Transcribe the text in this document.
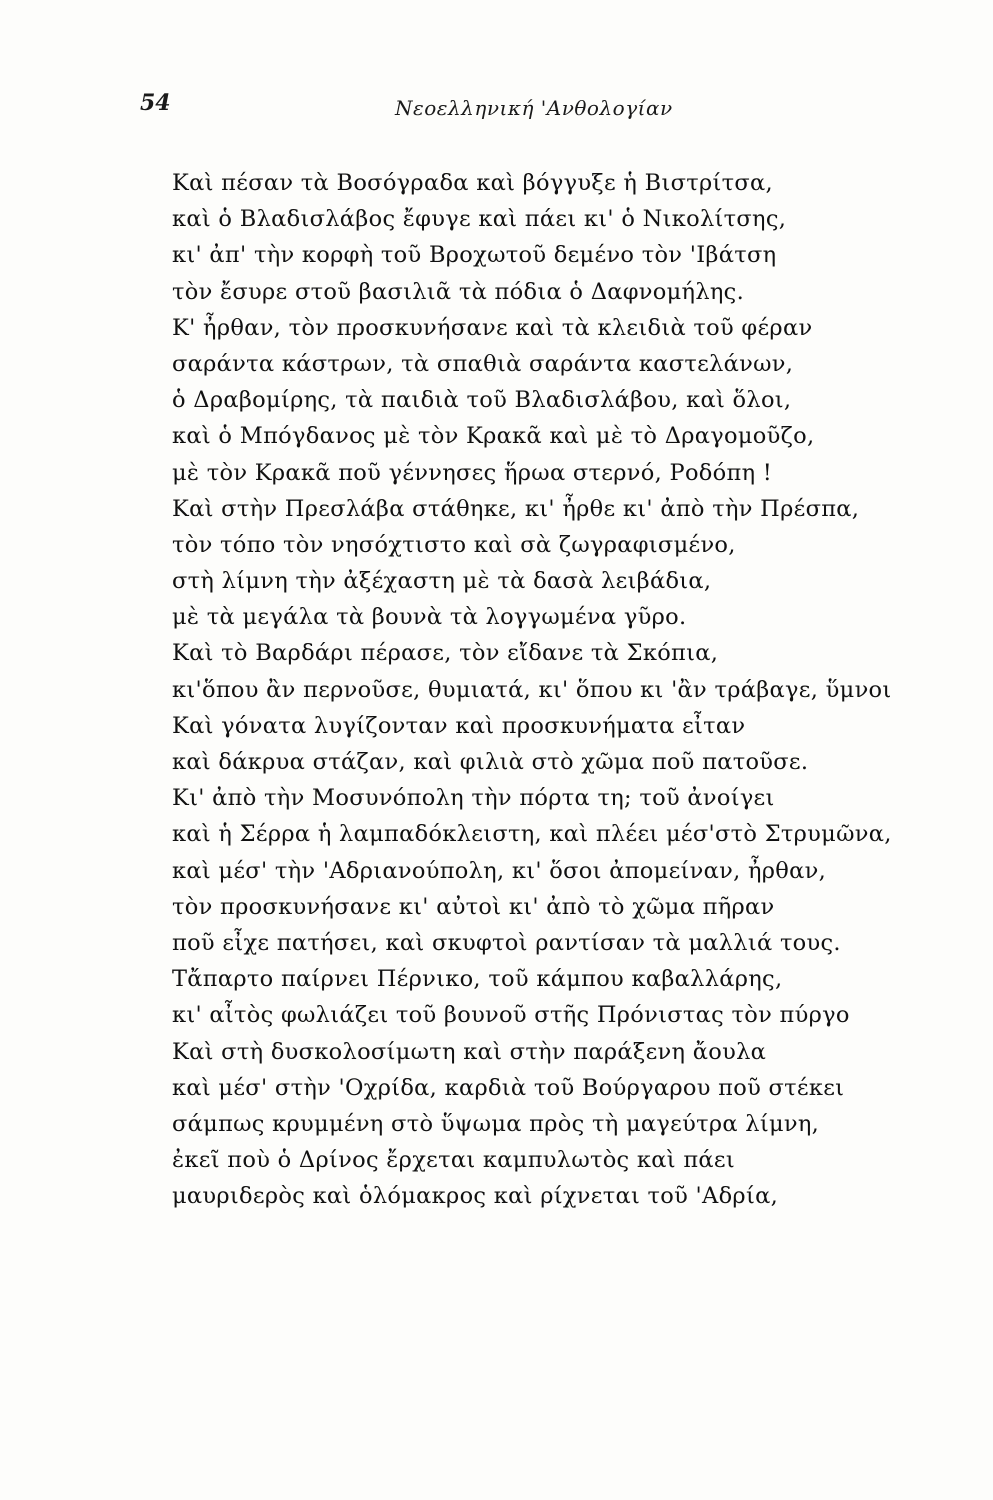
54	Νεοελληνική 'Ανθολογίαν
Καὶ πέσαν τὰ Βοσόγραδα καὶ βόγγυξε ἡ Βιστρίτσα,
καὶ ὁ Βλαδισλάβος ἔφυγε καὶ πάει κι' ὁ Νικολίτσης,
κι' ἀπ' τὴν κορφὴ τοῦ Βροχωτοῦ δεμένο τὸν 'Ιβάτση
τὸν ἔσυρε στοῦ βασιλιᾶ τὰ πόδια ὁ Δαφνομήλης.
Κ' ἦρθαν, τὸν προσκυνήσανε καὶ τὰ κλειδιὰ τοῦ φέραν
σαράντα κάστρων, τὰ σπαθιὰ σαράντα καστελάνων,
ὁ Δραβομίρης, τὰ παιδιὰ τοῦ Βλαδισλάβου, καὶ ὅλοι,
καὶ ὁ Μπόγδανος μὲ τὸν Κρακᾶ καὶ μὲ τὸ Δραγομοῦζο,
μὲ τὸν Κρακᾶ ποῦ γέννησες ἥρωα στερνό, Ροδόπη !
Καὶ στὴν Πρεσλάβα στάθηκε, κι' ἦρθε κι' ἀπὸ τὴν Πρέσπα,
τὸν τόπο τὸν νησόχτιστο καὶ σὰ ζωγραφισμένο,
στὴ λίμνη τὴν ἀξέχαστη μὲ τὰ δασὰ λειβάδια,
μὲ τὰ μεγάλα τὰ βουνὰ τὰ λογγωμένα γῦρο.
Καὶ τὸ Βαρδάρι πέρασε, τὸν εἴδανε τὰ Σκόπια,
κι'ὅπου ἂν περνοῦσε, θυμιατά, κι' ὅπου κι 'ἂν τράβαγε, ὕμνοι
Καὶ γόνατα λυγίζονταν καὶ προσκυνήματα εἶταν
καὶ δάκρυα στάζαν, καὶ φιλιὰ στὸ χῶμα ποῦ πατοῦσε.
Κι' ἀπὸ τὴν Μοσυνόπολη τὴν πόρτα τη; τοῦ ἀνοίγει
καὶ ἡ Σέρρα ἡ λαμπαδόκλειστη, καὶ πλέει μέσ'στὸ Στρυμῶνα,
καὶ μέσ' τὴν 'Αδριανούπολη, κι' ὅσοι ἀπομείναν, ἦρθαν,
τὸν προσκυνήσανε κι' αὐτοὶ κι' ἀπὸ τὸ χῶμα πῆραν
ποῦ εἶχε πατήσει, καὶ σκυφτοὶ ραντίσαν τὰ μαλλιά τους.
Τἄπαρτο παίρνει Πέρνικο, τοῦ κάμπου καβαλλάρης,
κι' αἶτὸς φωλιάζει τοῦ βουνοῦ στῆς Πρόνιστας τὸν πύργο
Καὶ στὴ δυσκολοσίμωτη καὶ στὴν παράξενη ἄουλα
καὶ μέσ' στὴν 'Οχρίδα, καρδιὰ τοῦ Βούργαρου ποῦ στέκει
σάμπως κρυμμένη στὸ ὕψωμα πρὸς τὴ μαγεύτρα λίμνη,
ἐκεῖ ποὺ ὁ Δρίνος ἔρχεται καμπυλωτὸς καὶ πάει
μαυριδερὸς καὶ ὁλόμακρος καὶ ρίχνεται τοῦ 'Αδρία,
